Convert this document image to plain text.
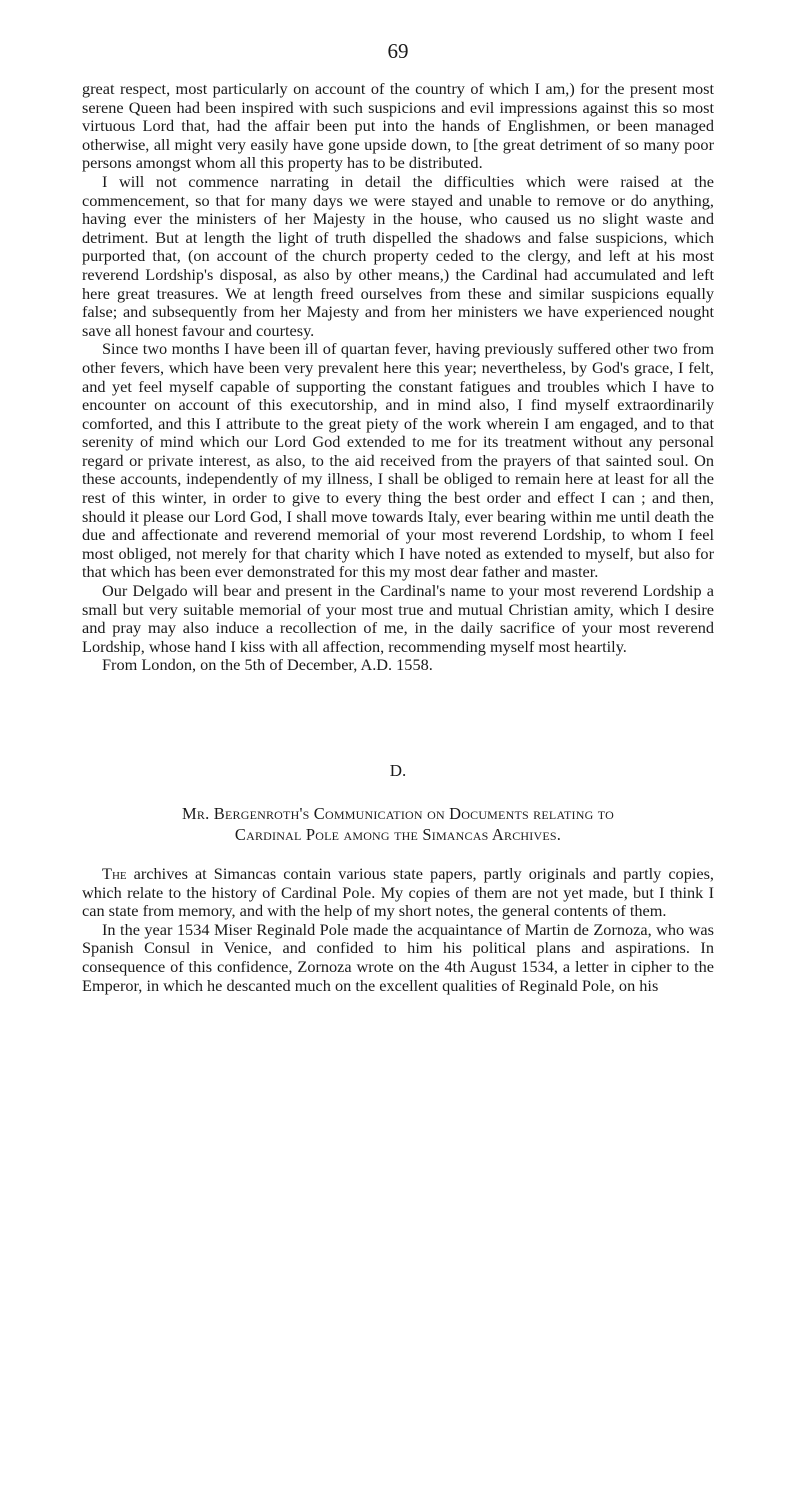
69

great respect, most particularly on account of the country of which I am,) for the present most serene Queen had been inspired with such suspicions and evil impressions against this so most virtuous Lord that, had the affair been put into the hands of Englishmen, or been managed otherwise, all might very easily have gone upside down, to [the great detriment of so many poor persons amongst whom all this property has to be distributed.

I will not commence narrating in detail the difficulties which were raised at the commencement, so that for many days we were stayed and unable to remove or do anything, having ever the ministers of her Majesty in the house, who caused us no slight waste and detriment. But at length the light of truth dispelled the shadows and false suspicions, which purported that, (on account of the church property ceded to the clergy, and left at his most reverend Lordship's disposal, as also by other means,) the Cardinal had accumulated and left here great treasures. We at length freed ourselves from these and similar suspicions equally false; and subsequently from her Majesty and from her ministers we have experienced nought save all honest favour and courtesy.

Since two months I have been ill of quartan fever, having previously suffered other two from other fevers, which have been very prevalent here this year; nevertheless, by God's grace, I felt, and yet feel myself capable of supporting the constant fatigues and troubles which I have to encounter on account of this executorship, and in mind also, I find myself extraordinarily comforted, and this I attribute to the great piety of the work wherein I am engaged, and to that serenity of mind which our Lord God extended to me for its treatment without any personal regard or private interest, as also, to the aid received from the prayers of that sainted soul. On these accounts, independently of my illness, I shall be obliged to remain here at least for all the rest of this winter, in order to give to every thing the best order and effect I can ; and then, should it please our Lord God, I shall move towards Italy, ever bearing within me until death the due and affectionate and reverend memorial of your most reverend Lordship, to whom I feel most obliged, not merely for that charity which I have noted as extended to myself, but also for that which has been ever demonstrated for this my most dear father and master.

Our Delgado will bear and present in the Cardinal's name to your most reverend Lordship a small but very suitable memorial of your most true and mutual Christian amity, which I desire and pray may also induce a recollection of me, in the daily sacrifice of your most reverend Lordship, whose hand I kiss with all affection, recommending myself most heartily.

From London, on the 5th of December, A.D. 1558.

D.
Mr. Bergenroth's Communication on Documents relating to
Cardinal Pole among the Simancas Archives.

The archives at Simancas contain various state papers, partly originals and partly copies, which relate to the history of Cardinal Pole. My copies of them are not yet made, but I think I can state from memory, and with the help of my short notes, the general contents of them.

In the year 1534 Miser Reginald Pole made the acquaintance of Martin de Zornoza, who was Spanish Consul in Venice, and confided to him his political plans and aspirations. In consequence of this confidence, Zornoza wrote on the 4th August 1534, a letter in cipher to the Emperor, in which he descanted much on the excellent qualities of Reginald Pole, on his
